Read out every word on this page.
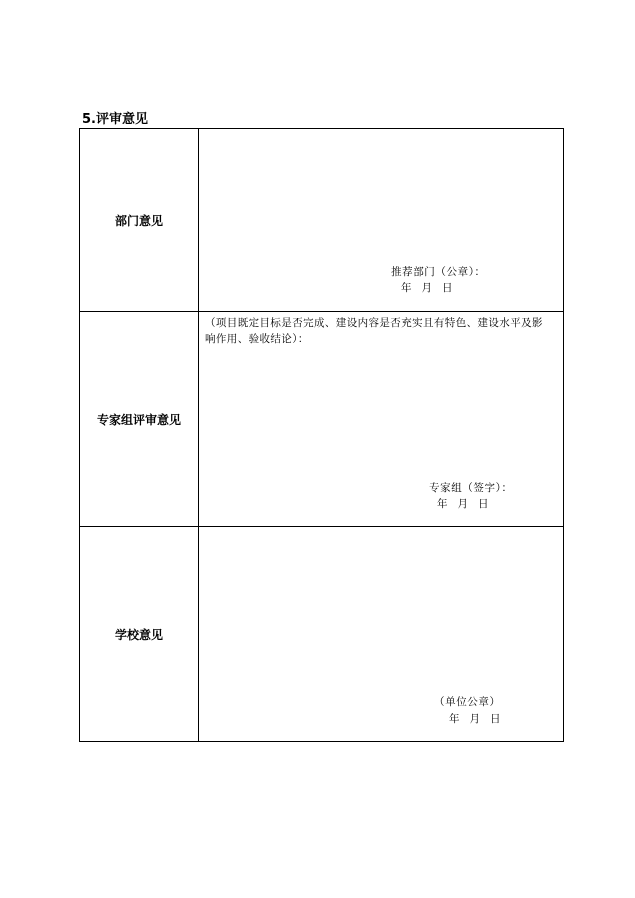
5.评审意见
部门意见	推荐部门（公章）：
年   月   日

专家组评审意见	（项目既定目标是否完成、建设内容是否充实且有特色、建设水平及影响作用、验收结论）：
专家组（签字）：
年   月   日

学校意见	（单位公章）
年   月   日
